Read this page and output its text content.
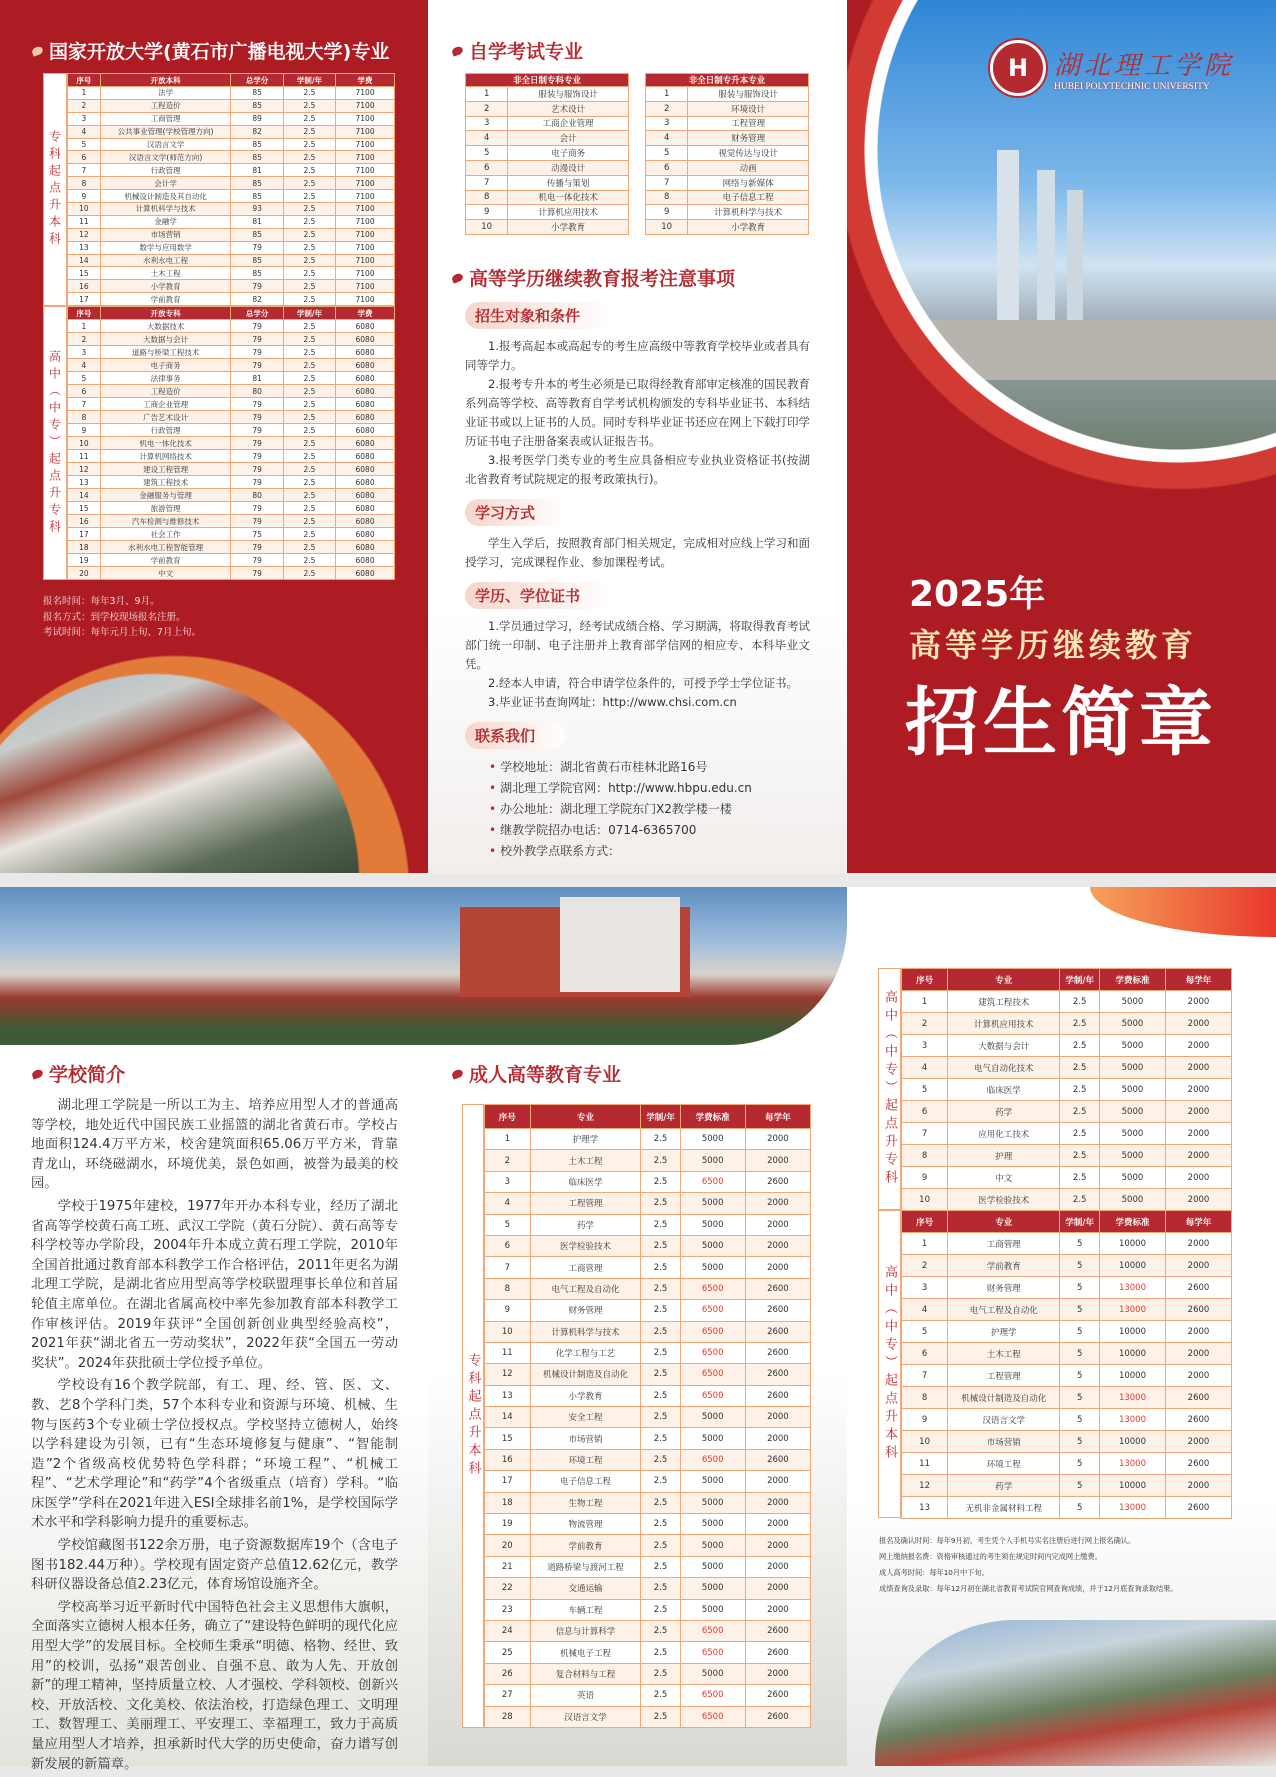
H 湖北理工学院
HUBEI POLYTECHNIC UNIVERSITY
2025年
高等学历继续教育
招生简章
国家开放大学(黄石市广播电视大学)专业
专科起点升本科
序号	开放本科	总学分	学制/年	学费
1	法学	85	2.5	7100
2	工程造价	85	2.5	7100
3	工商管理	89	2.5	7100
4	公共事业管理(学校管理方向)	82	2.5	7100
5	汉语言文学	85	2.5	7100
6	汉语言文学(师范方向)	85	2.5	7100
7	行政管理	81	2.5	7100
8	会计学	85	2.5	7100
9	机械设计制造及其自动化	85	2.5	7100
10	计算机科学与技术	93	2.5	7100
11	金融学	81	2.5	7100
12	市场营销	85	2.5	7100
13	数学与应用数学	79	2.5	7100
14	水利水电工程	85	2.5	7100
15	土木工程	85	2.5	7100
16	小学教育	79	2.5	7100
17	学前教育	82	2.5	7100
高中（中专）起点升专科
序号	开放专科	总学分	学制/年	学费
1	大数据技术	79	2.5	6080
2	大数据与会计	79	2.5	6080
3	道路与桥梁工程技术	79	2.5	6080
4	电子商务	79	2.5	6080
5	法律事务	81	2.5	6080
6	工程造价	80	2.5	6080
7	工商企业管理	79	2.5	6080
8	广告艺术设计	79	2.5	6080
9	行政管理	79	2.5	6080
10	机电一体化技术	79	2.5	6080
11	计算机网络技术	79	2.5	6080
12	建设工程管理	79	2.5	6080
13	建筑工程技术	79	2.5	6080
14	金融服务与管理	80	2.5	6080
15	旅游管理	79	2.5	6080
16	汽车检测与维修技术	79	2.5	6080
17	社会工作	75	2.5	6080
18	水利水电工程智能管理	79	2.5	6080
19	学前教育	79	2.5	6080
20	中文	79	2.5	6080
报名时间：每年3月、9月。
报名方式：到学校现场报名注册。
考试时间：每年元月上旬、7月上旬。
自学考试专业
非全日制专科专业	
1	服装与服饰设计
2	艺术设计
3	工商企业管理
4	会计
5	电子商务
6	动漫设计
7	传播与策划
8	机电一体化技术
9	计算机应用技术
10	小学教育
非全日制专升本专业	
1	服装与服饰设计
2	环境设计
3	工程管理
4	财务管理
5	视觉传达与设计
6	动画
7	网络与新媒体
8	电子信息工程
9	计算机科学与技术
10	小学教育
高等学历继续教育报考注意事项
招生对象和条件

1.报考高起本或高起专的考生应高级中等教育学校毕业或者具有同等学力。

2.报考专升本的考生必须是已取得经教育部审定核准的国民教育系列高等学校、高等教育自学考试机构颁发的专科毕业证书、本科结业证书或以上证书的人员。同时专科毕业证书还应在网上下载打印学历证书电子注册备案表或认证报告书。

3.报考医学门类专业的考生应具备相应专业执业资格证书(按湖北省教育考试院规定的报考政策执行)。

学习方式

学生入学后，按照教育部门相关规定，完成相对应线上学习和面授学习，完成课程作业、参加课程考试。

学历、学位证书

1.学员通过学习，经考试成绩合格、学习期满，将取得教育考试部门统一印制、电子注册并上教育部学信网的相应专、本科毕业文凭。

2.经本人申请，符合申请学位条件的，可授予学士学位证书。

3.毕业证书查询网址：http://www.chsi.com.cn

联系我们
• 学校地址：湖北省黄石市桂林北路16号
• 湖北理工学院官网：http://www.hbpu.edu.cn
• 办公地址：湖北理工学院东门X2教学楼一楼
• 继教学院招办电话：0714-6365700
• 校外教学点联系方式：
学校简介

湖北理工学院是一所以工为主、培养应用型人才的普通高等学校，地处近代中国民族工业摇篮的湖北省黄石市。学校占地面积124.4万平方米，校舍建筑面积65.06万平方米，背靠青龙山，环绕磁湖水，环境优美，景色如画，被誉为最美的校园。

学校于1975年建校，1977年开办本科专业，经历了湖北省高等学校黄石高工班、武汉工学院（黄石分院）、黄石高等专科学校等办学阶段，2004年升本成立黄石理工学院，2010年全国首批通过教育部本科教学工作合格评估，2011年更名为湖北理工学院，是湖北省应用型高等学校联盟理事长单位和首届轮值主席单位。在湖北省属高校中率先参加教育部本科教学工作审核评估。2019年获评“全国创新创业典型经验高校”，2021年获“湖北省五一劳动奖状”，2022年获“全国五一劳动奖状”。2024年获批硕士学位授予单位。

学校设有16个教学院部，有工、理、经、管、医、文、教、艺8个学科门类，57个本科专业和资源与环境、机械、生物与医药3个专业硕士学位授权点。学校坚持立德树人，始终以学科建设为引领，已有“生态环境修复与健康”、“智能制造”2个省级高校优势特色学科群；“环境工程”、“机械工程”、“艺术学理论”和“药学”4个省级重点（培育）学科。“临床医学”学科在2021年进入ESI全球排名前1%，是学校国际学术水平和学科影响力提升的重要标志。

学校馆藏图书122余万册，电子资源数据库19个（含电子图书182.44万种）。学校现有固定资产总值12.62亿元，教学科研仪器设备总值2.23亿元，体育场馆设施齐全。

学校高举习近平新时代中国特色社会主义思想伟大旗帜，全面落实立德树人根本任务，确立了“建设特色鲜明的现代化应用型大学”的发展目标。全校师生秉承“明德、格物、经世、致用”的校训，弘扬“艰苦创业、自强不息、敢为人先、开放创新”的理工精神，坚持质量立校、人才强校、学科领校、创新兴校、开放活校、文化美校、依法治校，打造绿色理工、文明理工、数智理工、美丽理工、平安理工、幸福理工，致力于高质量应用型人才培养，担承新时代大学的历史使命，奋力谱写创新发展的新篇章。

成人高等教育专业
专科起点升本科
序号	专业	学制/年	学费标准	每学年
1	护理学	2.5	5000	2000
2	土木工程	2.5	5000	2000
3	临床医学	2.5	6500	2600
4	工程管理	2.5	5000	2000
5	药学	2.5	5000	2000
6	医学检验技术	2.5	5000	2000
7	工商管理	2.5	5000	2000
8	电气工程及自动化	2.5	6500	2600
9	财务管理	2.5	6500	2600
10	计算机科学与技术	2.5	6500	2600
11	化学工程与工艺	2.5	6500	2600
12	机械设计制造及自动化	2.5	6500	2600
13	小学教育	2.5	6500	2600
14	安全工程	2.5	5000	2000
15	市场营销	2.5	5000	2000
16	环境工程	2.5	6500	2600
17	电子信息工程	2.5	5000	2000
18	生物工程	2.5	5000	2000
19	物流管理	2.5	5000	2000
20	学前教育	2.5	5000	2000
21	道路桥梁与渡河工程	2.5	5000	2000
22	交通运输	2.5	5000	2000
23	车辆工程	2.5	5000	2000
24	信息与计算科学	2.5	6500	2600
25	机械电子工程	2.5	6500	2600
26	复合材料与工程	2.5	5000	2000
27	英语	2.5	6500	2600
28	汉语言文学	2.5	6500	2600
高中（中专）起点升专科
序号	专业	学制/年	学费标准	每学年
1	建筑工程技术	2.5	5000	2000
2	计算机应用技术	2.5	5000	2000
3	大数据与会计	2.5	5000	2000
4	电气自动化技术	2.5	5000	2000
5	临床医学	2.5	5000	2000
6	药学	2.5	5000	2000
7	应用化工技术	2.5	5000	2000
8	护理	2.5	5000	2000
9	中文	2.5	5000	2000
10	医学检验技术	2.5	5000	2000
高中（中专）起点升本科
序号	专业	学制/年	学费标准	每学年
1	工商管理	5	10000	2000
2	学前教育	5	10000	2000
3	财务管理	5	13000	2600
4	电气工程及自动化	5	13000	2600
5	护理学	5	10000	2000
6	土木工程	5	10000	2000
7	工程管理	5	10000	2000
8	机械设计制造及自动化	5	13000	2600
9	汉语言文学	5	13000	2600
10	市场营销	5	10000	2000
11	环境工程	5	13000	2600
12	药学	5	10000	2000
13	无机非金属材料工程	5	13000	2600
报名及确认时间：每年9月初，考生凭个人手机号实名注册后进行网上报名确认。
网上缴纳报名费：资格审核通过的考生须在规定时间内完成网上缴费。
成人高考时间：每年10月中下旬。
成绩查询及录取：每年12月初在湖北省教育考试院官网查询成绩，并于12月底查询录取结果。
